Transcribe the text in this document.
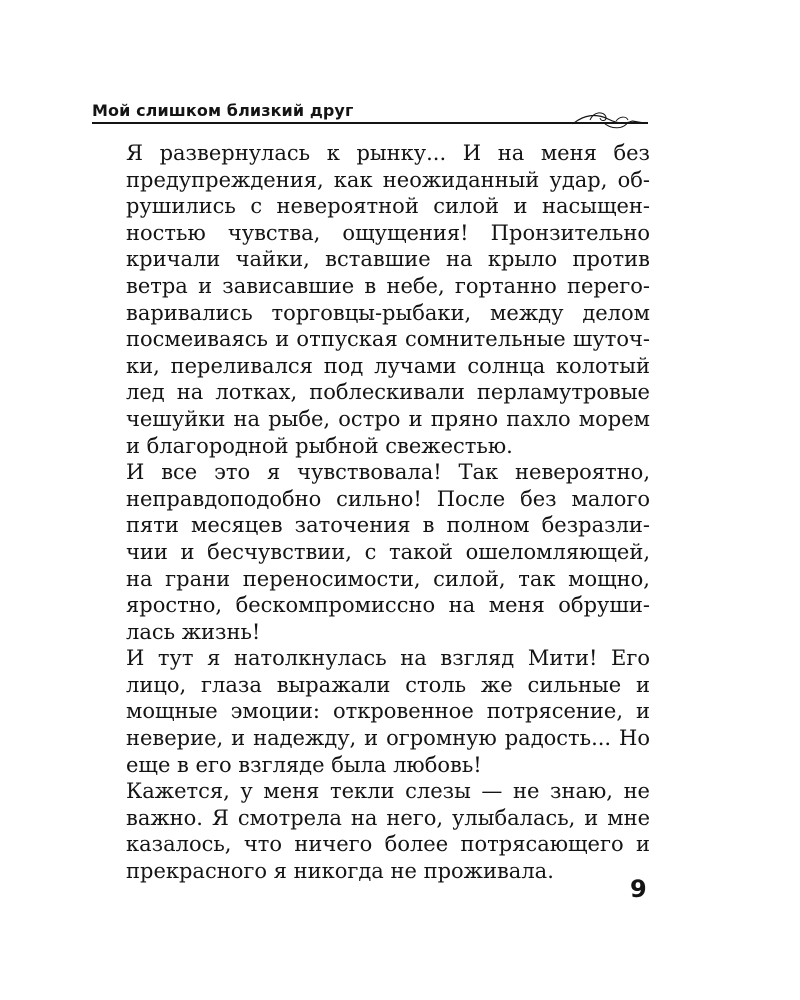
Мой слишком близкий друг

Я развернулась к рынку... И на меня без
предупреждения, как неожиданный удар, об-
рушились с невероятной силой и насыщен-
ностью чувства, ощущения! Пронзительно
кричали чайки, вставшие на крыло против
ветра и зависавшие в небе, гортанно перего-
варивались торговцы-рыбаки, между делом
посмеиваясь и отпуская сомнительные шуточ-
ки, переливался под лучами солнца колотый
лед на лотках, поблескивали перламутровые
чешуйки на рыбе, остро и пряно пахло морем
и благородной рыбной свежестью.

И все это я чувствовала! Так невероятно,
неправдоподобно сильно! После без малого
пяти месяцев заточения в полном безразли-
чии и бесчувствии, с такой ошеломляющей,
на грани переносимости, силой, так мощно,
яростно, бескомпромиссно на меня обруши-
лась жизнь!

И тут я натолкнулась на взгляд Мити! Его
лицо, глаза выражали столь же сильные и
мощные эмоции: откровенное потрясение, и
неверие, и надежду, и огромную радость... Но
еще в его взгляде была любовь!

Кажется, у меня текли слезы — не знаю, не
важно. Я смотрела на него, улыбалась, и мне
казалось, что ничего более потрясающего и
прекрасного я никогда не проживала.

9
